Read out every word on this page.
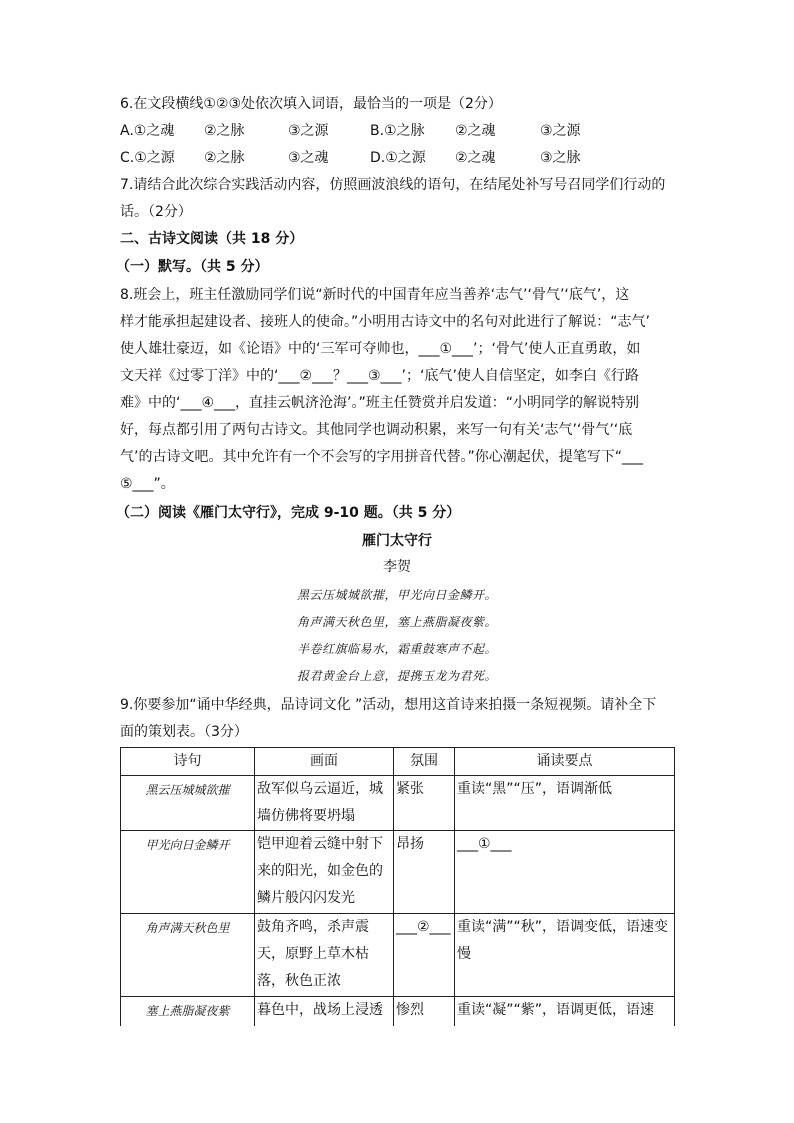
6.在文段横线①②③处依次填入词语，最恰当的一项是（2分）
A.①之魂 ②之脉	③之源	B.①之脉 ②之魂	③之源
C.①之源 ②之脉	③之魂	D.①之源 ②之魂	③之脉
7.请结合此次综合实践活动内容，仿照画波浪线的语句，在结尾处补写号召同学们行动的
话。（2分）
二、古诗文阅读（共 18 分）
（一）默写。（共 5 分）
8.班会上，班主任激励同学们说“新时代的中国青年应当善养‘志气’‘骨气’‘底气’，这
样才能承担起建设者、接班人的使命。”小明用古诗文中的名句对此进行了解说：“志气’
使人雄壮豪迈，如《论语》中的‘三军可夺帅也，___①___’；‘骨气’使人正直勇敢，如
文天祥《过零丁洋》中的‘___②___？___③___’；‘底气’使人自信坚定，如李白《行路
难》中的‘___④___，直挂云帆济沧海’。”班主任赞赏并启发道：“小明同学的解说特别
好，每点都引用了两句古诗文。其他同学也调动积累，来写一句有关‘志气’‘骨气’‘底
气’的古诗文吧。其中允许有一个不会写的字用拼音代替。”你心潮起伏，提笔写下“___
⑤___”。
（二）阅读《雁门太守行》，完成 9-10 题。（共 5 分）
雁门太守行
李贺
黑云压城城欲摧，甲光向日金鳞开。
角声满天秋色里，塞上燕脂凝夜紫。
半卷红旗临易水，霜重鼓寒声不起。
报君黄金台上意，提携玉龙为君死。
9.你要参加“诵中华经典，品诗词文化 ”活动，想用这首诗来拍摄一条短视频。请补全下
面的策划表。（3分）
诗句	画面	氛围	诵读要点
黑云压城城欲摧	敌军似乌云逼近，城墙仿佛将要坍塌	紧张	重读“黑”“压”，语调渐低
甲光向日金鳞开	铠甲迎着云缝中射下来的阳光，如金色的鳞片般闪闪发光	昂扬	___①___
角声满天秋色里	鼓角齐鸣，杀声震天，原野上草木枯落，秋色正浓	___②___	重读“满”“秋”，语调变低，语速变慢
塞上燕脂凝夜紫	暮色中，战场上浸透	惨烈	重读“凝”“紫”，语调更低，语速
